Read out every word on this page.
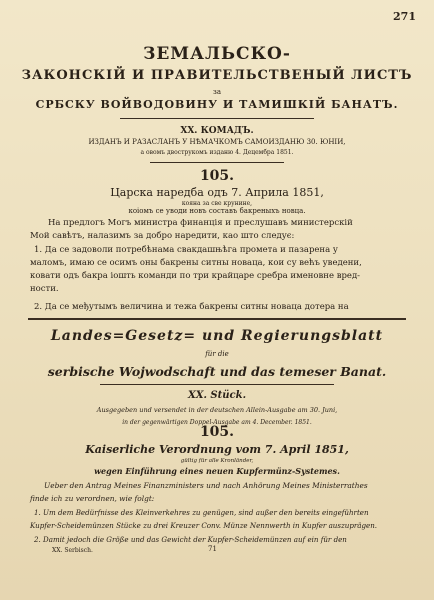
271
ЗЕМАЛЬСКО-
ЗАКОНСКІЙ И ПРАВИТЕЛЬСТВЕНЫЙ ЛИСТЪ
за
СРБСКУ ВОЙВОДОВИНУ И ТАМИШКІЙ БАНАТЪ.
XX. КОМАДЪ.
ИЗДАНЪ И РАЗАСЛАНЪ У НѢМАЧКОМЪ САМОИЗДАНЮ 30. ЮНІИ,
а овомъ двострукомъ изданю 4. Децембра 1851.
105.
Царска наредба одъ 7. Априла 1851,
кояна за све крунине,
коіомъ се уводи новъ составъ бакреныхъ новца.
На предлогъ Могъ министра финанція и преслушавъ министерскій
Мой савѣтъ, налазимъ за добро наредити, као што следує:
1. Да се задоволи потребѣнама свакдашњѣга промета и пазарена у
маломъ, имаю се осимъ оны бакрены ситны новаца, кои су већъ уведени,
ковати одъ бакра іошть команди по три крайцаре сребра именовне вред-
ности.
2. Да се међутымъ величина и тежа бакрены ситны новаца дотера на
Landes=Gesetz= und Regierungsblatt
für die
serbische Wojwodschaft und das temeser Banat.
XX. Stück.
Ausgegeben und versendet in der deutschen Allein-Ausgabe am 30. Juni,
in der gegenwärtigen Doppel-Ausgabe am 4. December. 1851.
105.
Kaiserliche Verordnung vom 7. April 1851,
gültig für alle Kronländer,
wegen Einführung eines neuen Kupfermünz-Systemes.
Ueber den Antrag Meines Finanzministers und nach Anhörung Meines Ministerrathes
finde ich zu verordnen, wie folgt:
1. Um dem Bedürfnisse des Kleinverkehres zu genügen, sind außer den bereits eingeführten
Kupfer-Scheidemünzen Stücke zu drei Kreuzer Conv. Münze Nennwerth in Kupfer auszuprägen.
2. Damit jedoch die Größe und das Gewicht der Kupfer-Scheidemünzen auf ein für den
XX. Serbisch.	71
